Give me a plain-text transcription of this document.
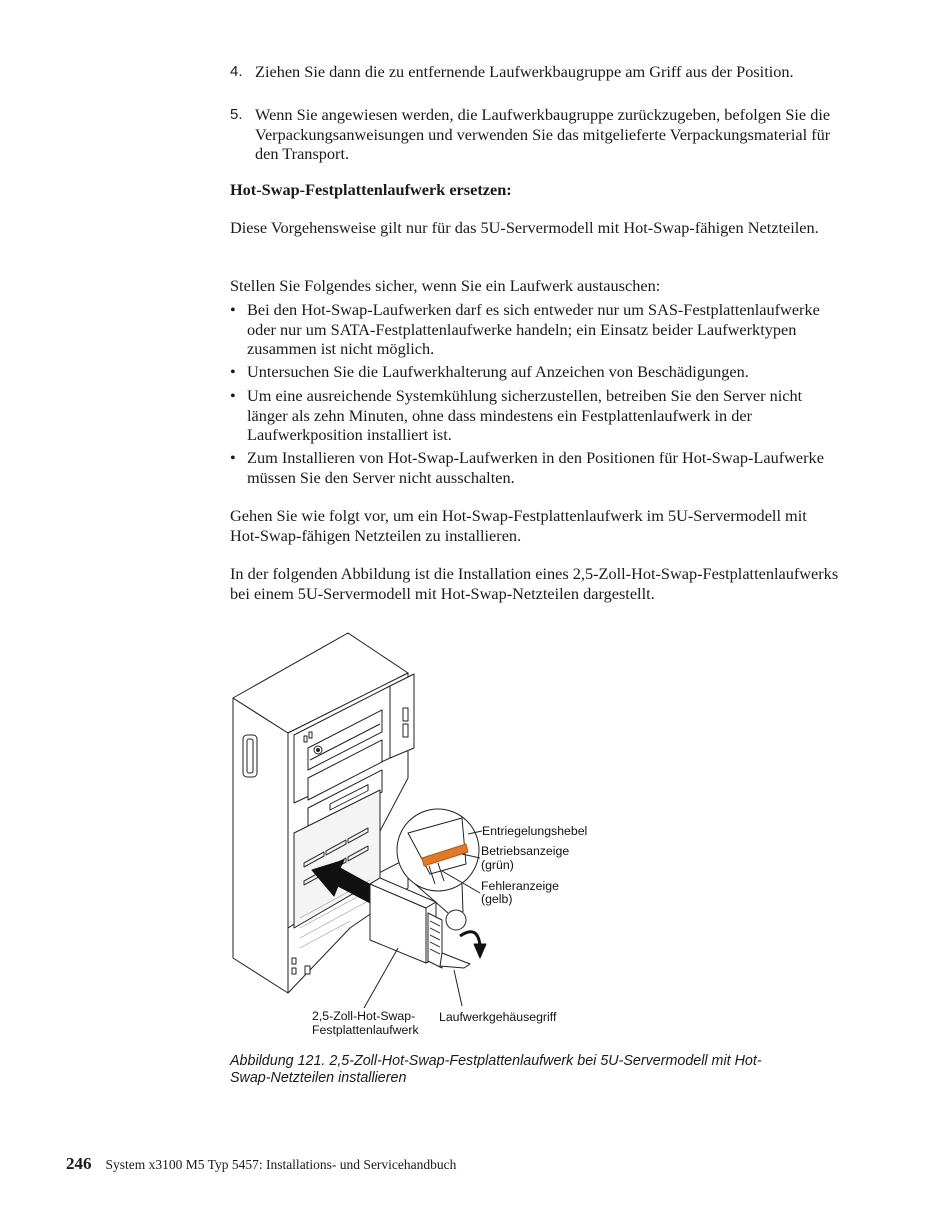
4. Ziehen Sie dann die zu entfernende Laufwerkbaugruppe am Griff aus der Position.
5. Wenn Sie angewiesen werden, die Laufwerkbaugruppe zurückzugeben, befolgen Sie die Verpackungsanweisungen und verwenden Sie das mitgelieferte Verpackungsmaterial für den Transport.

Hot-Swap-Festplattenlaufwerk ersetzen:

Diese Vorgehensweise gilt nur für das 5U-Servermodell mit Hot-Swap-fähigen Netzteilen.

Stellen Sie Folgendes sicher, wenn Sie ein Laufwerk austauschen:

• Bei den Hot-Swap-Laufwerken darf es sich entweder nur um SAS-Festplattenlaufwerke oder nur um SATA-Festplattenlaufwerke handeln; ein Einsatz beider Laufwerktypen zusammen ist nicht möglich.
• Untersuchen Sie die Laufwerkhalterung auf Anzeichen von Beschädigungen.
• Um eine ausreichende Systemkühlung sicherzustellen, betreiben Sie den Server nicht länger als zehn Minuten, ohne dass mindestens ein Festplattenlaufwerk in der Laufwerkposition installiert ist.
• Zum Installieren von Hot-Swap-Laufwerken in den Positionen für Hot-Swap-Laufwerke müssen Sie den Server nicht ausschalten.

Gehen Sie wie folgt vor, um ein Hot-Swap-Festplattenlaufwerk im 5U-Servermodell mit Hot-Swap-fähigen Netzteilen zu installieren.

In der folgenden Abbildung ist die Installation eines 2,5-Zoll-Hot-Swap-Festplattenlaufwerks bei einem 5U-Servermodell mit Hot-Swap-Netzteilen dargestellt.

Entriegelungshebel
Betriebsanzeige
(grün)
Fehleranzeige
(gelb)
2,5-Zoll-Hot-Swap-
Festplattenlaufwerk
Laufwerkgehäusegriff
Abbildung 121. 2,5-Zoll-Hot-Swap-Festplattenlaufwerk bei 5U-Servermodell mit Hot-Swap-Netzteilen installieren
246 System x3100 M5 Typ 5457: Installations- und Servicehandbuch
